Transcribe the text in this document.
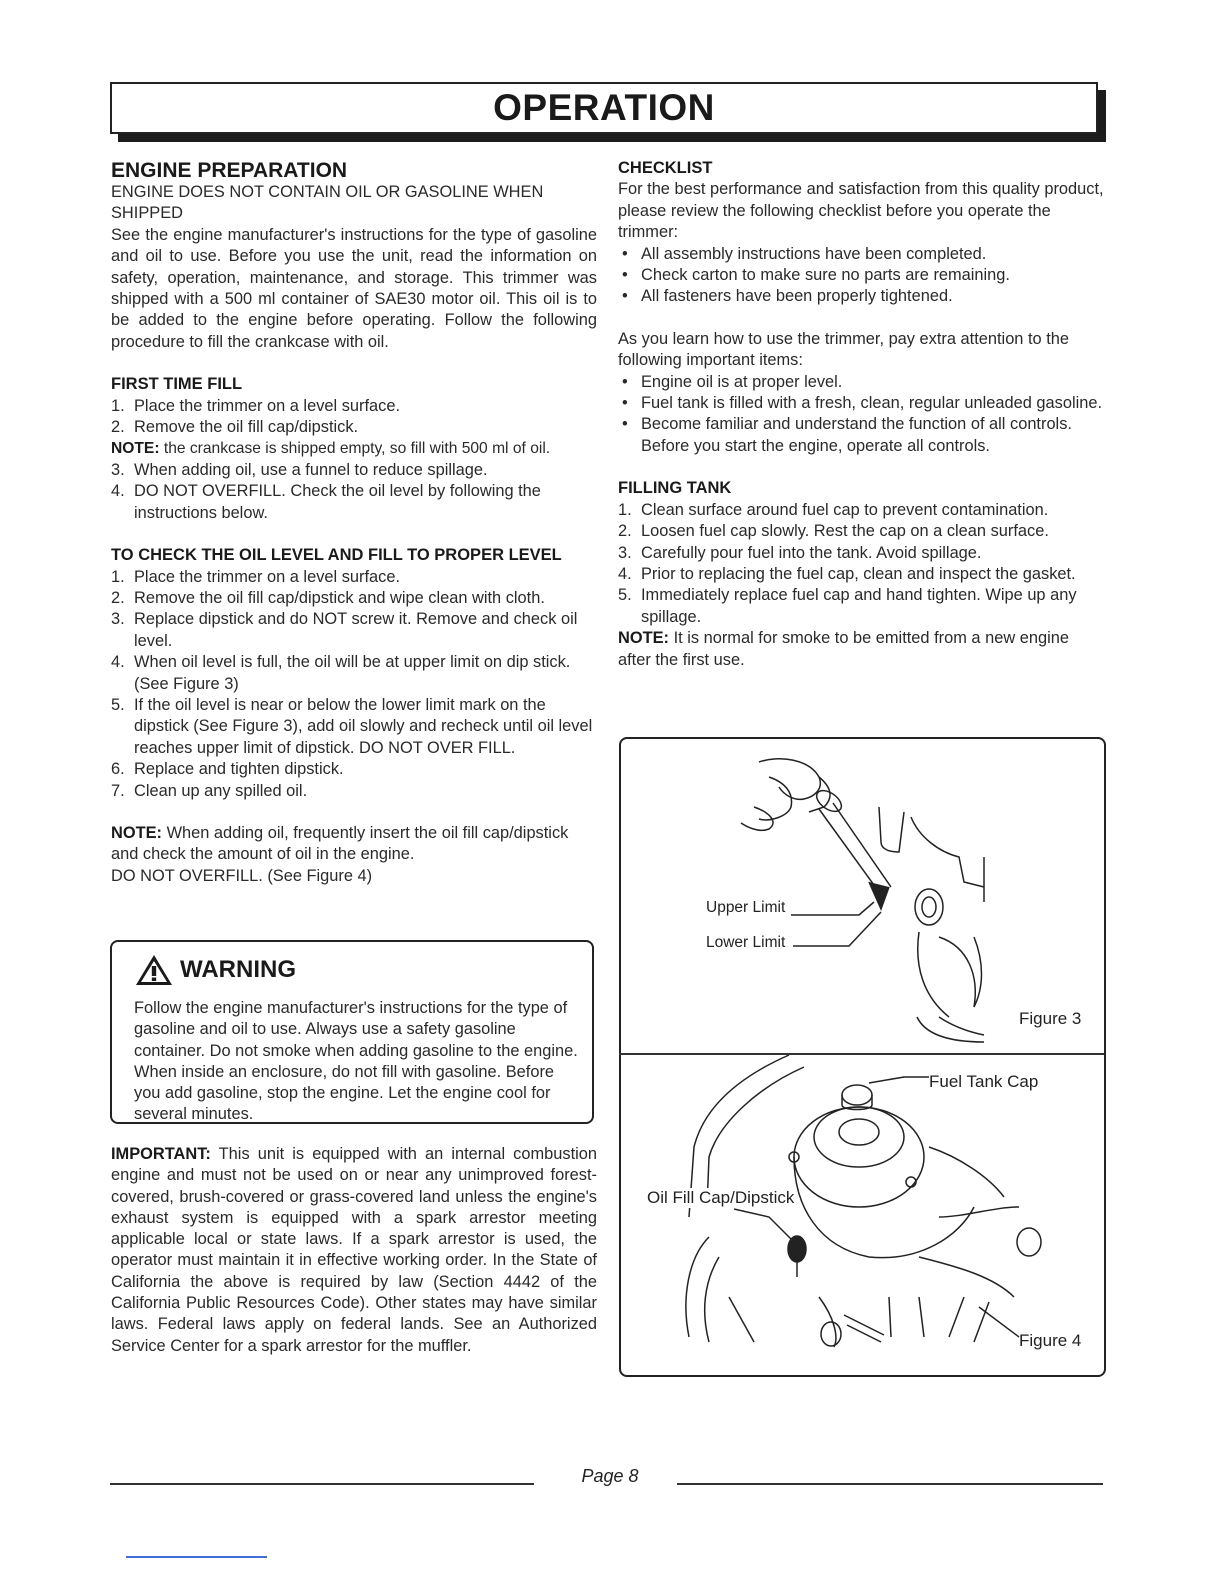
OPERATION
ENGINE PREPARATION

ENGINE DOES NOT CONTAIN OIL OR GASOLINE WHEN SHIPPED

See the engine manufacturer's instructions for the type of gasoline and oil to use. Before you use the unit, read the information on safety, operation, maintenance, and storage. This trimmer was shipped with a 500 ml container of SAE30 motor oil. This oil is to be added to the engine before operating. Follow the following procedure to fill the crankcase with oil.

FIRST TIME FILL
1. Place the trimmer on a level surface.
2. Remove the oil fill cap/dipstick.

NOTE: the crankcase is shipped empty, so fill with 500 ml of oil.

3. When adding oil, use a funnel to reduce spillage.
4. DO NOT OVERFILL. Check the oil level by following the instructions below.
TO CHECK THE OIL LEVEL AND FILL TO PROPER LEVEL
1. Place the trimmer on a level surface.
2. Remove the oil fill cap/dipstick and wipe clean with cloth.
3. Replace dipstick and do NOT screw it. Remove and check oil level.
4. When oil level is full, the oil will be at upper limit on dip stick. (See Figure 3)
5. If the oil level is near or below the lower limit mark on the dipstick (See Figure 3), add oil slowly and recheck until oil level reaches upper limit of dipstick. DO NOT OVER FILL.
6. Replace and tighten dipstick.
7. Clean up any spilled oil.

NOTE: When adding oil, frequently insert the oil fill cap/dipstick and check the amount of oil in the engine.

DO NOT OVERFILL. (See Figure 4)

WARNING

Follow the engine manufacturer's instructions for the type of gasoline and oil to use. Always use a safety gasoline container. Do not smoke when adding gasoline to the engine. When inside an enclosure, do not fill with gasoline. Before you add gasoline, stop the engine. Let the engine cool for several minutes.

IMPORTANT: This unit is equipped with an internal combustion engine and must not be used on or near any unimproved forest-covered, brush-covered or grass-covered land unless the engine's exhaust system is equipped with a spark arrestor meeting applicable local or state laws. If a spark arrestor is used, the operator must maintain it in effective working order. In the State of California the above is required by law (Section 4442 of the California Public Resources Code). Other states may have similar laws. Federal laws apply on federal lands. See an Authorized Service Center for a spark arrestor for the muffler.
CHECKLIST

For the best performance and satisfaction from this quality product, please review the following checklist before you operate the trimmer:

• All assembly instructions have been completed.
• Check carton to make sure no parts are remaining.
• All fasteners have been properly tightened.

As you learn how to use the trimmer, pay extra attention to the following important items:

• Engine oil is at proper level.
• Fuel tank is filled with a fresh, clean, regular unleaded gasoline.
• Become familiar and understand the function of all controls. Before you start the engine, operate all controls.
FILLING TANK
1. Clean surface around fuel cap to prevent contamination.
2. Loosen fuel cap slowly. Rest the cap on a clean surface.
3. Carefully pour fuel into the tank. Avoid spillage.
4. Prior to replacing the fuel cap, clean and inspect the gasket.
5. Immediately replace fuel cap and hand tighten. Wipe up any spillage.

NOTE: It is normal for smoke to be emitted from a new engine after the first use.

Upper Limit
Lower Limit
Figure 3
Fuel Tank Cap
Oil Fill Cap/Dipstick
Figure 4
Page 8
